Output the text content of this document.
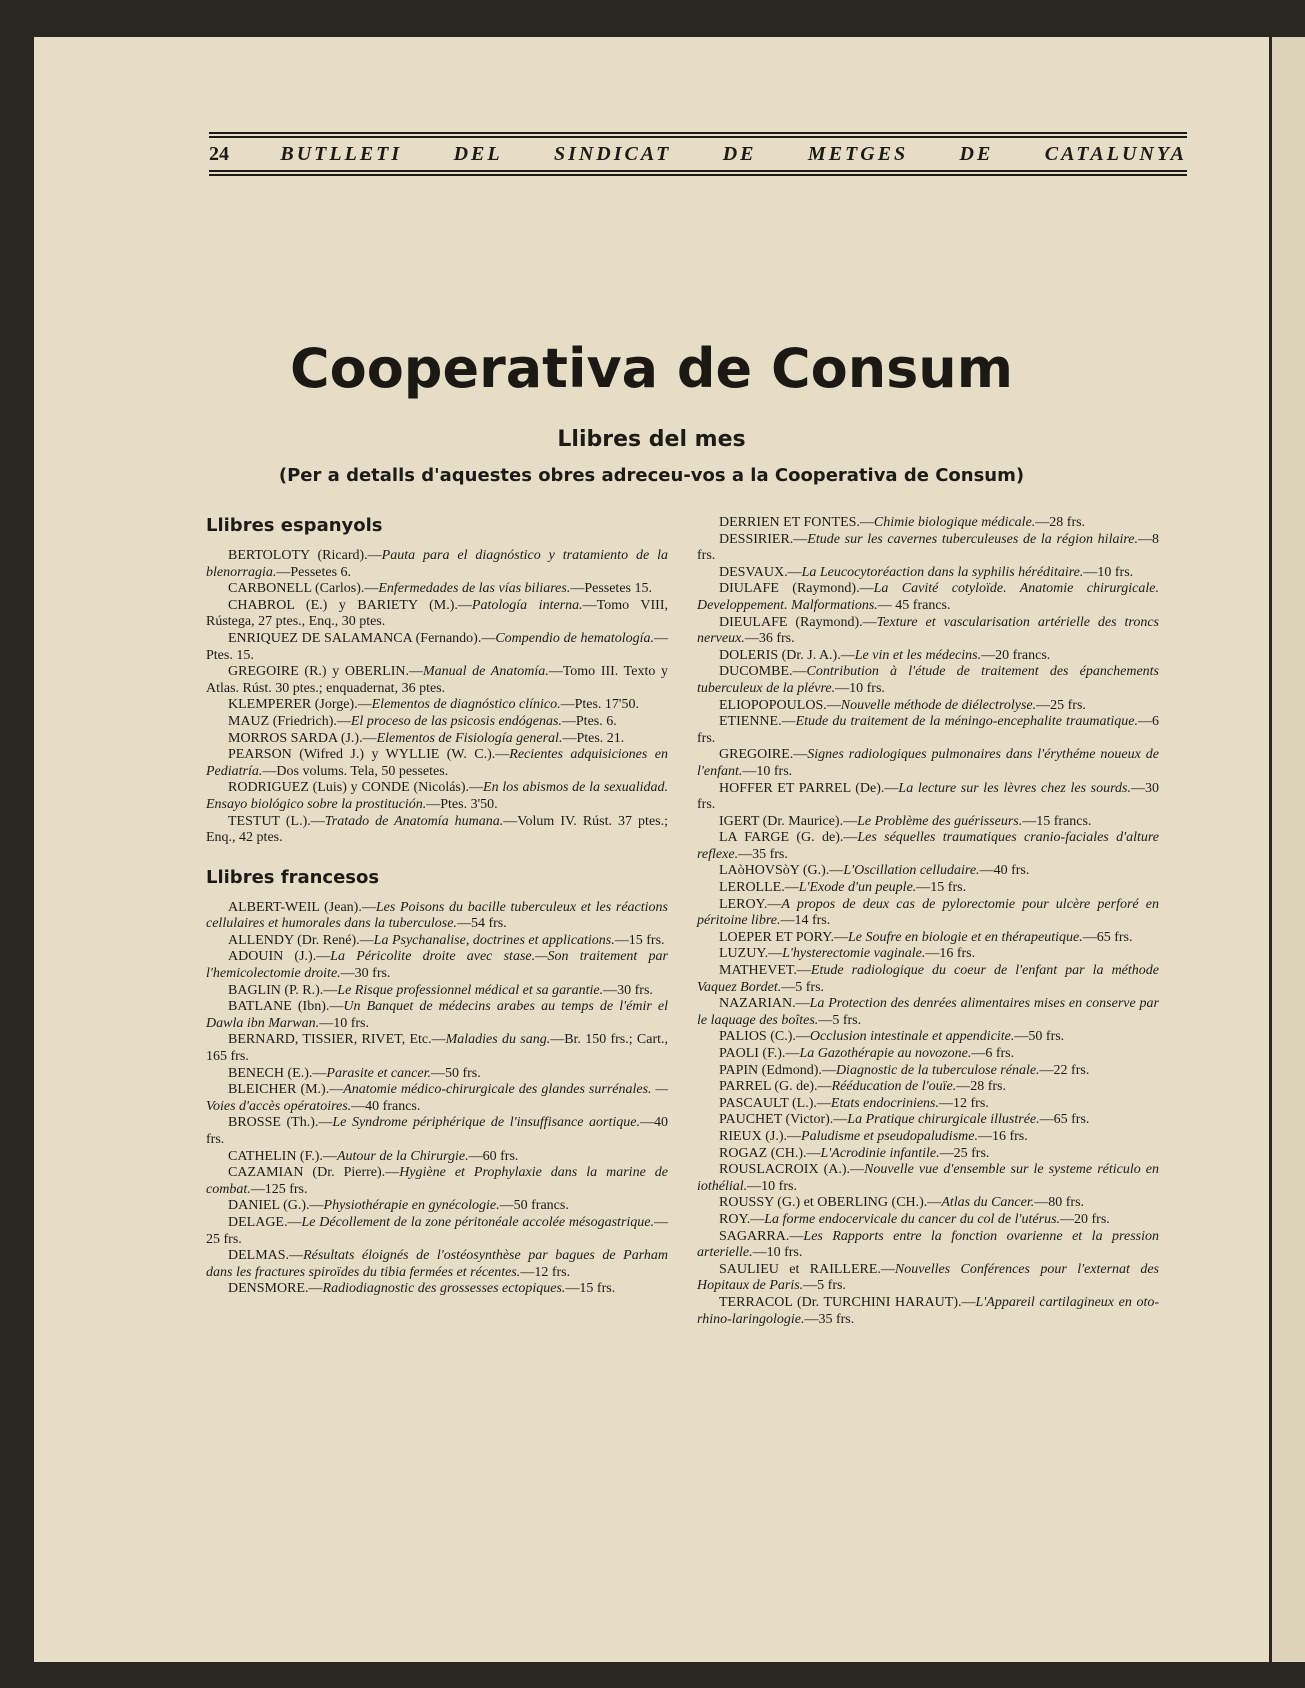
24	BUTLLETI	DEL	SINDICAT	DE	METGES	DE	CATALUNYA
Cooperativa de Consum
Llibres del mes
(Per a detalls d'aquestes obres adreceu-vos a la Cooperativa de Consum)
Llibres espanyols

BERTOLOTY (Ricard).—Pauta para el diagnóstico y tratamiento de la blenorragia.—Pessetes 6.

CARBONELL (Carlos).—Enfermedades de las vías biliares.—Pessetes 15.

CHABROL (E.) y BARIETY (M.).—Patología interna.—Tomo VIII, Rústega, 27 ptes., Enq., 30 ptes.

ENRIQUEZ DE SALAMANCA (Fernando).—Compendio de hematología.—Ptes. 15.

GREGOIRE (R.) y OBERLIN.—Manual de Anatomía.—Tomo III. Texto y Atlas. Rúst. 30 ptes.; enquadernat, 36 ptes.

KLEMPERER (Jorge).—Elementos de diagnóstico clínico.—Ptes. 17'50.

MAUZ (Friedrich).—El proceso de las psicosis endógenas.—Ptes. 6.

MORROS SARDA (J.).—Elementos de Fisiología general.—Ptes. 21.

PEARSON (Wifred J.) y WYLLIE (W. C.).—Recientes adquisiciones en Pediatría.—Dos volums. Tela, 50 pessetes.

RODRIGUEZ (Luis) y CONDE (Nicolás).—En los abismos de la sexualidad. Ensayo biológico sobre la prostitución.—Ptes. 3'50.

TESTUT (L.).—Tratado de Anatomía humana.—Volum IV. Rúst. 37 ptes.; Enq., 42 ptes.

Llibres francesos

ALBERT-WEIL (Jean).—Les Poisons du bacille tuberculeux et les réactions cellulaires et humorales dans la tuberculose.—54 frs.

ALLENDY (Dr. René).—La Psychanalise, doctrines et applications.—15 frs.

ADOUIN (J.).—La Péricolite droite avec stase.—Son traitement par l'hemicolectomie droite.—30 frs.

BAGLIN (P. R.).—Le Risque professionnel médical et sa garantie.—30 frs.

BATLANE (Ibn).—Un Banquet de médecins arabes au temps de l'émir el Dawla ibn Marwan.—10 frs.

BERNARD, TISSIER, RIVET, Etc.—Maladies du sang.—Br. 150 frs.; Cart., 165 frs.

BENECH (E.).—Parasite et cancer.—50 frs.

BLEICHER (M.).—Anatomie médico-chirurgicale des glandes surrénales. — Voies d'accès opératoires.—40 francs.

BROSSE (Th.).—Le Syndrome périphérique de l'insuffisance aortique.—40 frs.

CATHELIN (F.).—Autour de la Chirurgie.—60 frs.

CAZAMIAN (Dr. Pierre).—Hygiène et Prophylaxie dans la marine de combat.—125 frs.

DANIEL (G.).—Physiothérapie en gynécologie.—50 francs.

DELAGE.—Le Décollement de la zone péritonéale accolée mésogastrique.—25 frs.

DELMAS.—Résultats éloignés de l'ostéosynthèse par bagues de Parham dans les fractures spiroïdes du tibia fermées et récentes.—12 frs.

DENSMORE.—Radiodiagnostic des grossesses ectopiques.—15 frs.

DERRIEN ET FONTES.—Chimie biologique médicale.—28 frs.

DESSIRIER.—Etude sur les cavernes tuberculeuses de la région hilaire.—8 frs.

DESVAUX.—La Leucocytoréaction dans la syphilis héréditaire.—10 frs.

DIULAFE (Raymond).—La Cavité cotyloïde. Anatomie chirurgicale. Developpement. Malformations.— 45 francs.

DIEULAFE (Raymond).—Texture et vascularisation artérielle des troncs nerveux.—36 frs.

DOLERIS (Dr. J. A.).—Le vin et les médecins.—20 francs.

DUCOMBE.—Contribution à l'étude de traitement des épanchements tuberculeux de la plévre.—10 frs.

ELIOPOPOULOS.—Nouvelle méthode de diélectrolyse.—25 frs.

ETIENNE.—Etude du traitement de la méningo-encephalite traumatique.—6 frs.

GREGOIRE.—Signes radiologiques pulmonaires dans l'érythéme noueux de l'enfant.—10 frs.

HOFFER ET PARREL (De).—La lecture sur les lèvres chez les sourds.—30 frs.

IGERT (Dr. Maurice).—Le Problème des guérisseurs.—15 francs.

LA FARGE (G. de).—Les séquelles traumatiques cranio-faciales d'alture reflexe.—35 frs.

LAòHOVSòY (G.).—L'Oscillation celludaire.—40 frs.

LEROLLE.—L'Exode d'un peuple.—15 frs.

LEROY.—A propos de deux cas de pylorectomie pour ulcère perforé en péritoine libre.—14 frs.

LOEPER ET PORY.—Le Soufre en biologie et en thérapeutique.—65 frs.

LUZUY.—L'hysterectomie vaginale.—16 frs.

MATHEVET.—Etude radiologique du coeur de l'enfant par la méthode Vaquez Bordet.—5 frs.

NAZARIAN.—La Protection des denrées alimentaires mises en conserve par le laquage des boîtes.—5 frs.

PALIOS (C.).—Occlusion intestinale et appendicite.—50 frs.

PAOLI (F.).—La Gazothérapie au novozone.—6 frs.

PAPIN (Edmond).—Diagnostic de la tuberculose rénale.—22 frs.

PARREL (G. de).—Rééducation de l'ouïe.—28 frs.

PASCAULT (L.).—Etats endocriniens.—12 frs.

PAUCHET (Victor).—La Pratique chirurgicale illustrée.—65 frs.

RIEUX (J.).—Paludisme et pseudopaludisme.—16 frs.

ROGAZ (CH.).—L'Acrodinie infantile.—25 frs.

ROUSLACROIX (A.).—Nouvelle vue d'ensemble sur le systeme réticulo en iothélial.—10 frs.

ROUSSY (G.) et OBERLING (CH.).—Atlas du Cancer.—80 frs.

ROY.—La forme endocervicale du cancer du col de l'utérus.—20 frs.

SAGARRA.—Les Rapports entre la fonction ovarienne et la pression arterielle.—10 frs.

SAULIEU et RAILLERE.—Nouvelles Conférences pour l'externat des Hopitaux de Paris.—5 frs.

TERRACOL (Dr. TURCHINI HARAUT).—L'Appareil cartilagineux en oto-rhino-laringologie.—35 frs.
